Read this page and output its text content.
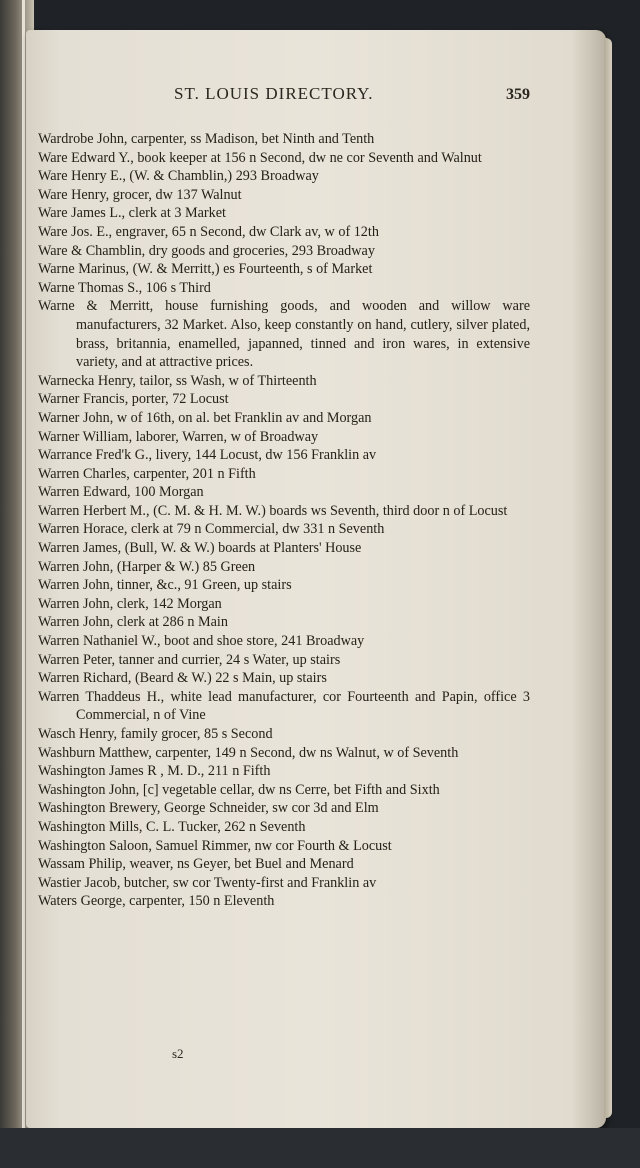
ST. LOUIS DIRECTORY.	359
Wardrobe John, carpenter, ss Madison, bet Ninth and Tenth
Ware Edward Y., book keeper at 156 n Second, dw ne cor Seventh and Walnut
Ware Henry E., (W. & Chamblin,) 293 Broadway
Ware Henry, grocer, dw 137 Walnut
Ware James L., clerk at 3 Market
Ware Jos. E., engraver, 65 n Second, dw Clark av, w of 12th
Ware & Chamblin, dry goods and groceries, 293 Broadway
Warne Marinus, (W. & Merritt,) es Fourteenth, s of Market
Warne Thomas S., 106 s Third
Warne & Merritt, house furnishing goods, and wooden and willow ware manufacturers, 32 Market. Also, keep constantly on hand, cutlery, silver plated, brass, britannia, enamelled, japanned, tinned and iron wares, in extensive variety, and at attractive prices.
Warnecka Henry, tailor, ss Wash, w of Thirteenth
Warner Francis, porter, 72 Locust
Warner John, w of 16th, on al. bet Franklin av and Morgan
Warner William, laborer, Warren, w of Broadway
Warrance Fred'k G., livery, 144 Locust, dw 156 Franklin av
Warren Charles, carpenter, 201 n Fifth
Warren Edward, 100 Morgan
Warren Herbert M., (C. M. & H. M. W.) boards ws Seventh, third door n of Locust
Warren Horace, clerk at 79 n Commercial, dw 331 n Seventh
Warren James, (Bull, W. & W.) boards at Planters' House
Warren John, (Harper & W.) 85 Green
Warren John, tinner, &c., 91 Green, up stairs
Warren John, clerk, 142 Morgan
Warren John, clerk at 286 n Main
Warren Nathaniel W., boot and shoe store, 241 Broadway
Warren Peter, tanner and currier, 24 s Water, up stairs
Warren Richard, (Beard & W.) 22 s Main, up stairs
Warren Thaddeus H., white lead manufacturer, cor Fourteenth and Papin, office 3 Commercial, n of Vine
Wasch Henry, family grocer, 85 s Second
Washburn Matthew, carpenter, 149 n Second, dw ns Walnut, w of Seventh
Washington James R , M. D., 211 n Fifth
Washington John, [c] vegetable cellar, dw ns Cerre, bet Fifth and Sixth
Washington Brewery, George Schneider, sw cor 3d and Elm
Washington Mills, C. L. Tucker, 262 n Seventh
Washington Saloon, Samuel Rimmer, nw cor Fourth & Locust
Wassam Philip, weaver, ns Geyer, bet Buel and Menard
Wastier Jacob, butcher, sw cor Twenty-first and Franklin av
Waters George, carpenter, 150 n Eleventh
s2
